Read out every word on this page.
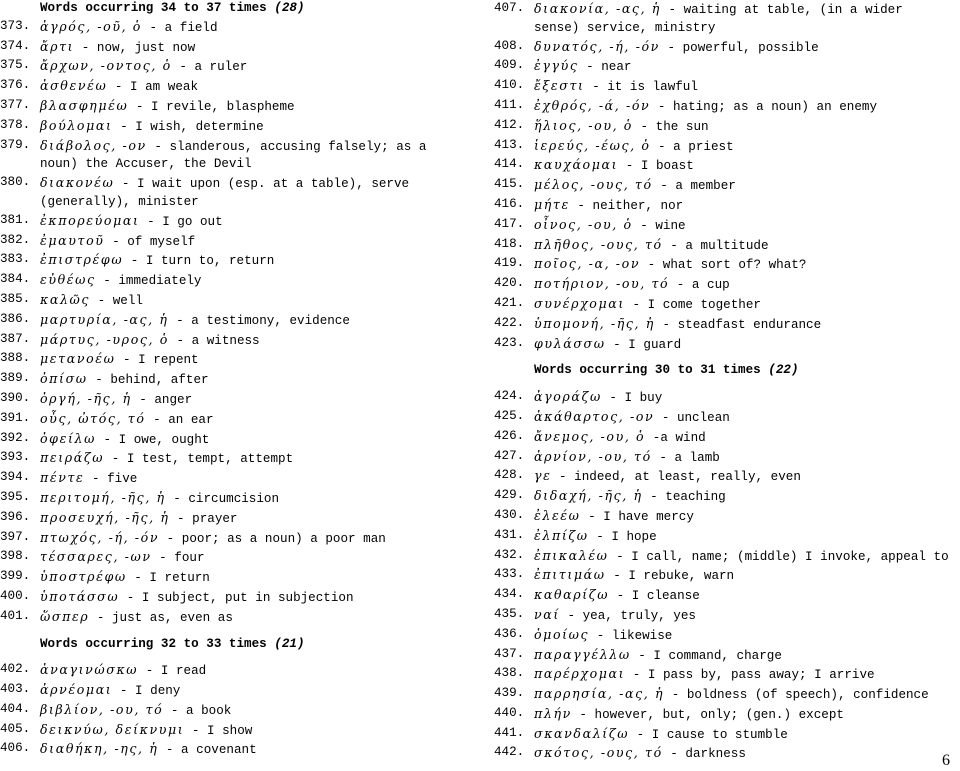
Words occurring 34 to 37 times (28)
373. ἀγρός, -οῦ, ὁ - a field
374. ἄρτι - now, just now
375. ἄρχων, -οντος, ὁ - a ruler
376. ἀσθενέω - I am weak
377. βλασφημέω - I revile, blaspheme
378. βούλομαι - I wish, determine
379. διάβολος, -ον - slanderous, accusing falsely; as a noun) the Accuser, the Devil
380. διακονέω - I wait upon (esp. at a table), serve (generally), minister
381. ἐκπορεύομαι - I go out
382. ἐμαυτοῦ - of myself
383. ἐπιστρέφω - I turn to, return
384. εὐθέως - immediately
385. καλῶς - well
386. μαρτυρία, -ας, ἡ - a testimony, evidence
387. μάρτυς, -υρος, ὁ - a witness
388. μετανοέω - I repent
389. ὀπίσω - behind, after
390. ὀργή, -ῆς, ἡ - anger
391. οὖς, ὠτός, τό - an ear
392. ὀφείλω - I owe, ought
393. πειράζω - I test, tempt, attempt
394. πέντε - five
395. περιτομή, -ῆς, ἡ - circumcision
396. προσευχή, -ῆς, ἡ - prayer
397. πτωχός, -ή, -όν - poor; as a noun) a poor man
398. τέσσαρες, -ων - four
399. ὑποστρέφω - I return
400. ὑποτάσσω - I subject, put in subjection
401. ὥσπερ - just as, even as
Words occurring 32 to 33 times (21)
402. ἀναγινώσκω - I read
403. ἀρνέομαι - I deny
404. βιβλίον, -ου, τό - a book
405. δεικνύω, δείκνυμι - I show
406. διαθήκη, -ης, ἡ - a covenant
407. διακονία, -ας, ἡ - waiting at table, (in a wider sense) service, ministry
408. δυνατός, -ή, -όν - powerful, possible
409. ἐγγύς - near
410. ἔξεστι - it is lawful
411. ἐχθρός, -ά, -όν - hating; as a noun) an enemy
412. ἥλιος, -ου, ὁ - the sun
413. ἱερεύς, -έως, ὁ - a priest
414. καυχάομαι - I boast
415. μέλος, -ους, τό - a member
416. μήτε - neither, nor
417. οἶνος, -ου, ὁ - wine
418. πλῆθος, -ους, τό - a multitude
419. ποῖος, -α, -ον - what sort of? what?
420. ποτήριον, -ου, τό - a cup
421. συνέρχομαι - I come together
422. ὑπομονή, -ῆς, ἡ - steadfast endurance
423. φυλάσσω - I guard
Words occurring 30 to 31 times (22)
424. ἀγοράζω - I buy
425. ἀκάθαρτος, -ον - unclean
426. ἄνεμος, -ου, ὁ -a wind
427. ἀρνίον, -ου, τό - a lamb
428. γε - indeed, at least, really, even
429. διδαχή, -ῆς, ἡ - teaching
430. ἐλεέω - I have mercy
431. ἐλπίζω - I hope
432. ἐπικαλέω - I call, name; (middle) I invoke, appeal to
433. ἐπιτιμάω - I rebuke, warn
434. καθαρίζω - I cleanse
435. ναί - yea, truly, yes
436. ὁμοίως - likewise
437. παραγγέλλω - I command, charge
438. παρέρχομαι - I pass by, pass away; I arrive
439. παρρησία, -ας, ἡ - boldness (of speech), confidence
440. πλήν - however, but, only; (gen.) except
441. σκανδαλίζω - I cause to stumble
442. σκότος, -ους, τό - darkness	6
